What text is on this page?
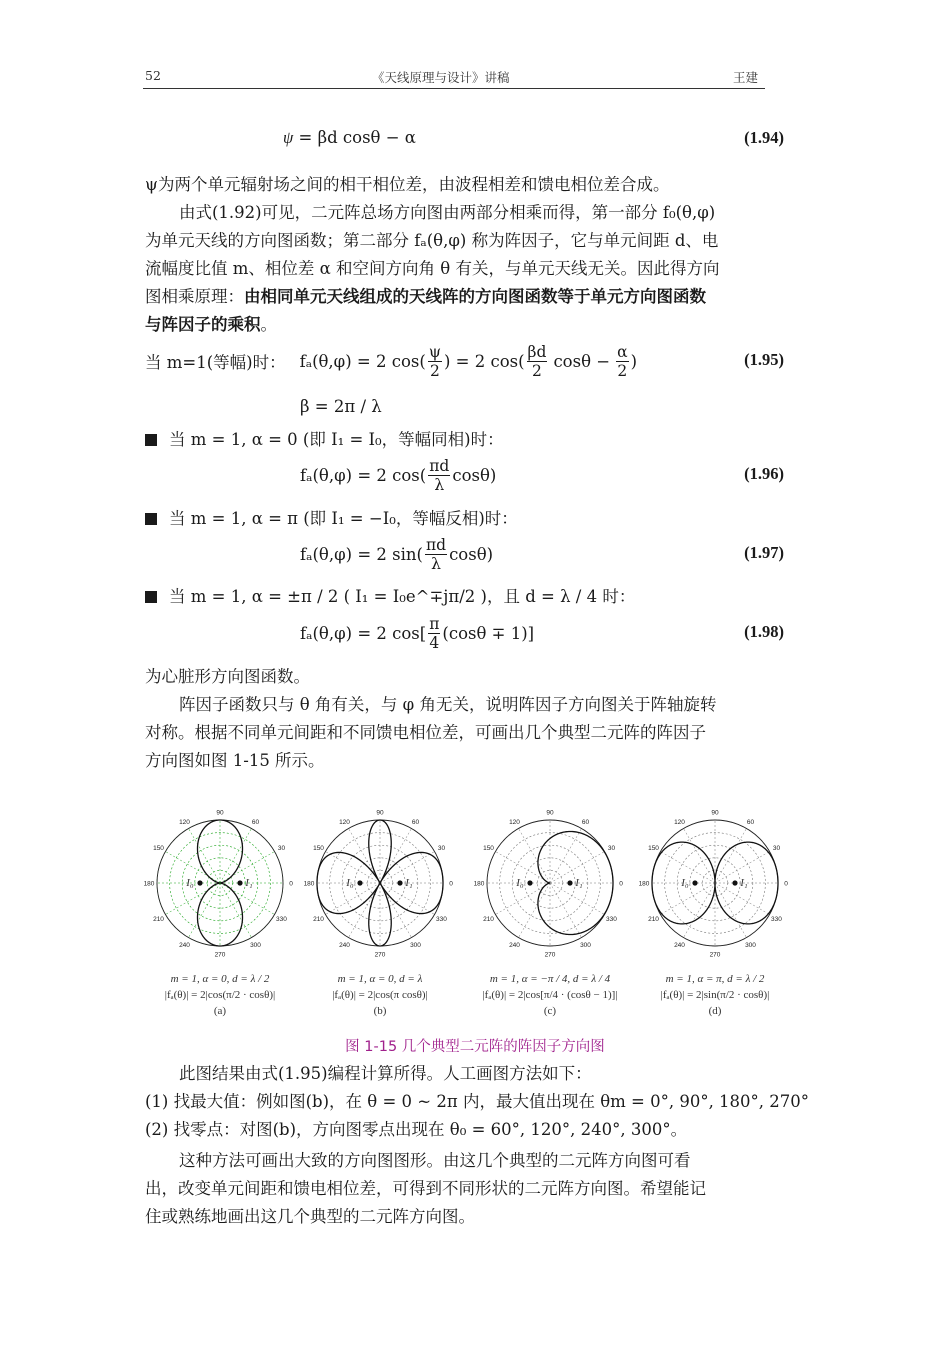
52	《天线原理与设计》讲稿	王建
ψ = βd cosθ − α	(1.94)
ψ为两个单元辐射场之间的相干相位差，由波程相差和馈电相位差合成。
由式(1.92)可见，二元阵总场方向图由两部分相乘而得，第一部分 f₀(θ,φ)
为单元天线的方向图函数；第二部分 fₐ(θ,φ) 称为阵因子，它与单元间距 d、电
流幅度比值 m、相位差 α 和空间方向角 θ 有关，与单元天线无关。因此得方向
图相乘原理：由相同单元天线组成的天线阵的方向图函数等于单元方向图函数
与阵因子的乘积。
当 m=1(等幅)时： fₐ(θ,φ) = 2 $\cos( \frac{\psi}{2}$ ) = 2 $\cos( \frac{\beta d}{2}$ $\cos\theta - \frac{\alpha}{2}$ )	(1.95)
β = 2π / λ
当 m = 1, α = 0 (即 I₁ = I₀，等幅同相)时：
fₐ(θ,φ) = 2 $\cos( \frac{\pi d}{\lambda} \cos\theta)$	(1.96)
当 m = 1, α = π (即 I₁ = −I₀，等幅反相)时：
fₐ(θ,φ) = 2 $\sin( \frac{\pi d}{\lambda} \cos\theta)$	(1.97)
当 m = 1, α = ±π / 2 ( I₁ = I₀e^∓jπ/2 )，且 d = λ / 4 时：
fₐ(θ,φ) = 2 $\cos[ \frac{\pi}{4} (\cos\theta \mp 1)]$	(1.98)
为心脏形方向图函数。
阵因子函数只与 θ 角有关，与 φ 角无关，说明阵因子方向图关于阵轴旋转
对称。根据不同单元间距和不同馈电相位差，可画出几个典型二元阵的阵因子
方向图如图 1-15 所示。
0
30
60
90
120
150
180
210
240
270
300
330
I₀	I₁
m = 1, α = 0, d = λ / 2
|fₐ(θ)| = 2|cos(π/2 · cosθ)|
(a)
0
30
60
90
120
150
180
210
240
270
300
330
I₀	I₁
m = 1, α = 0, d = λ
|fₐ(θ)| = 2|cos(π cosθ)|
(b)
0
30
60
90
120
150
180
210
240
270
300
330
I₀	I₁
m = 1, α = −π / 4, d = λ / 4
|fₐ(θ)| = 2|cos[π/4 · (cosθ − 1)]|
(c)
0
30
60
90
120
150
180
210
240
270
300
330
I₀	I₁
m = 1, α = π, d = λ / 2
|fₐ(θ)| = 2|sin(π/2 · cosθ)|
(d)
图 1-15 几个典型二元阵的阵因子方向图
此图结果由式(1.95)编程计算所得。人工画图方法如下：
(1) 找最大值：例如图(b)，在 θ = 0 ~ 2π 内，最大值出现在 θm = 0°, 90°, 180°, 270°
(2) 找零点：对图(b)，方向图零点出现在 θ₀ = 60°, 120°, 240°, 300°。
这种方法可画出大致的方向图图形。由这几个典型的二元阵方向图可看
出，改变单元间距和馈电相位差，可得到不同形状的二元阵方向图。希望能记
住或熟练地画出这几个典型的二元阵方向图。
